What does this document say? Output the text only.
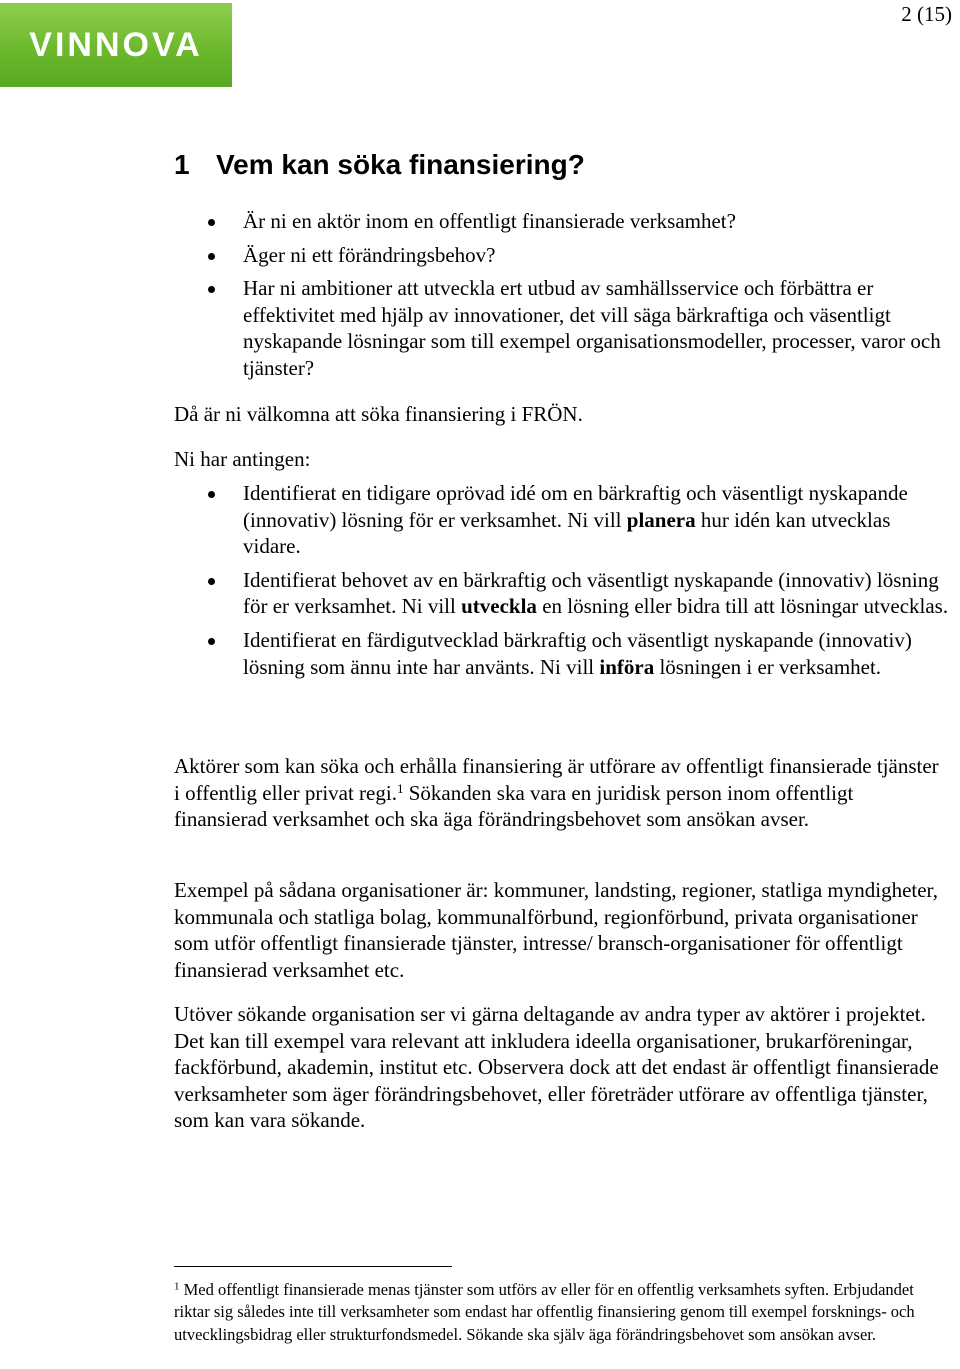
VINNOVA
2 (15)
1 Vem kan söka finansiering?
Är ni en aktör inom en offentligt finansierade verksamhet?
Äger ni ett förändringsbehov?
Har ni ambitioner att utveckla ert utbud av samhällsservice och förbättra er effektivitet med hjälp av innovationer, det vill säga bärkraftiga och väsentligt nyskapande lösningar som till exempel organisationsmodeller, processer, varor och tjänster?

Då är ni välkomna att söka finansiering i FRÖN.

Ni har antingen:

Identifierat en tidigare oprövad idé om en bärkraftig och väsentligt nyskapande (innovativ) lösning för er verksamhet. Ni vill planera hur idén kan utvecklas vidare.
Identifierat behovet av en bärkraftig och väsentligt nyskapande (innovativ) lösning för er verksamhet. Ni vill utveckla en lösning eller bidra till att lösningar utvecklas.
Identifierat en färdigutvecklad bärkraftig och väsentligt nyskapande (innovativ) lösning som ännu inte har använts. Ni vill införa lösningen i er verksamhet.

Aktörer som kan söka och erhålla finansiering är utförare av offentligt finansierade tjänster i offentlig eller privat regi.$^1$ Sökanden ska vara en juridisk person inom offentligt finansierad verksamhet och ska äga förändringsbehovet som ansökan avser.

Exempel på sådana organisationer är: kommuner, landsting, regioner, statliga myndigheter, kommunala och statliga bolag, kommunalförbund, regionförbund, privata organisationer som utför offentligt finansierade tjänster, intresse/ bransch-organisationer för offentligt finansierad verksamhet etc.

Utöver sökande organisation ser vi gärna deltagande av andra typer av aktörer i projektet. Det kan till exempel vara relevant att inkludera ideella organisationer, brukarföreningar, fackförbund, akademin, institut etc. Observera dock att det endast är offentligt finansierade verksamheter som äger förändringsbehovet, eller företräder utförare av offentliga tjänster, som kan vara sökande.

$^1$ Med offentligt finansierade menas tjänster som utförs av eller för en offentlig verksamhets syften. Erbjudandet riktar sig således inte till verksamheter som endast har offentlig finansiering genom till exempel forsknings- och utvecklingsbidrag eller strukturfondsmedel. Sökande ska själv äga förändringsbehovet som ansökan avser.
